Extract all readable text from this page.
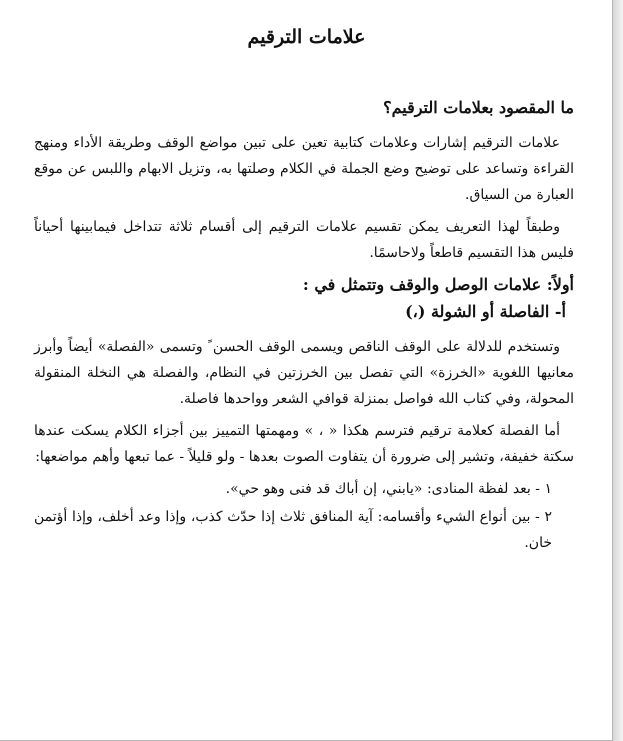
علامات الترقيم
ما المقصود بعلامات الترقيم؟

علامات الترقيم إشارات وعلامات كتابية تعين على تبين مواضع الوقف وطريقة الأداء ومنهج القراءة وتساعد على توضيح وضع الجملة في الكلام وصلتها به، وتزيل الابهام واللبس عن موقع العبارة من السياق.

وطبقاً لهذا التعريف يمكن تقسيم علامات الترقيم إلى أقسام ثلاثة تتداخل فيمابينها أحياناً فليس هذا التقسيم قاطعاً ولاحاسمًا.

أولاً: علامات الوصل والوقف وتتمثل في :
أ- الفاصلة أو الشولة (،)

وتستخدم للدلالة على الوقف الناقص ويسمى الوقف الحسن ً وتسمى «الفصلة» أيضاً وأبرز معانيها اللغوية «الخرزة» التي تفصل بين الخرزتين في النظام، والفصلة هي النخلة المنقولة المحولة، وفي كتاب الله فواصل بمنزلة قوافي الشعر وواحدها فاصلة.

أما الفصلة كعلامة ترقيم فترسم هكذا « ، » ومهمتها التمييز بين أجزاء الكلام يسكت عندها سكتة خفيفة، وتشير إلى ضرورة أن يتفاوت الصوت بعدها - ولو قليلاً - عما تبعها وأهم مواضعها:

١ - بعد لفظة المنادى: «يابني، إن أباك قد فنى وهو حي».
٢ - بين أنواع الشيء وأقسامه: آية المنافق ثلاث إذا حدّث كذب، وإذا وعد أخلف، وإذا أؤتمن خان.
